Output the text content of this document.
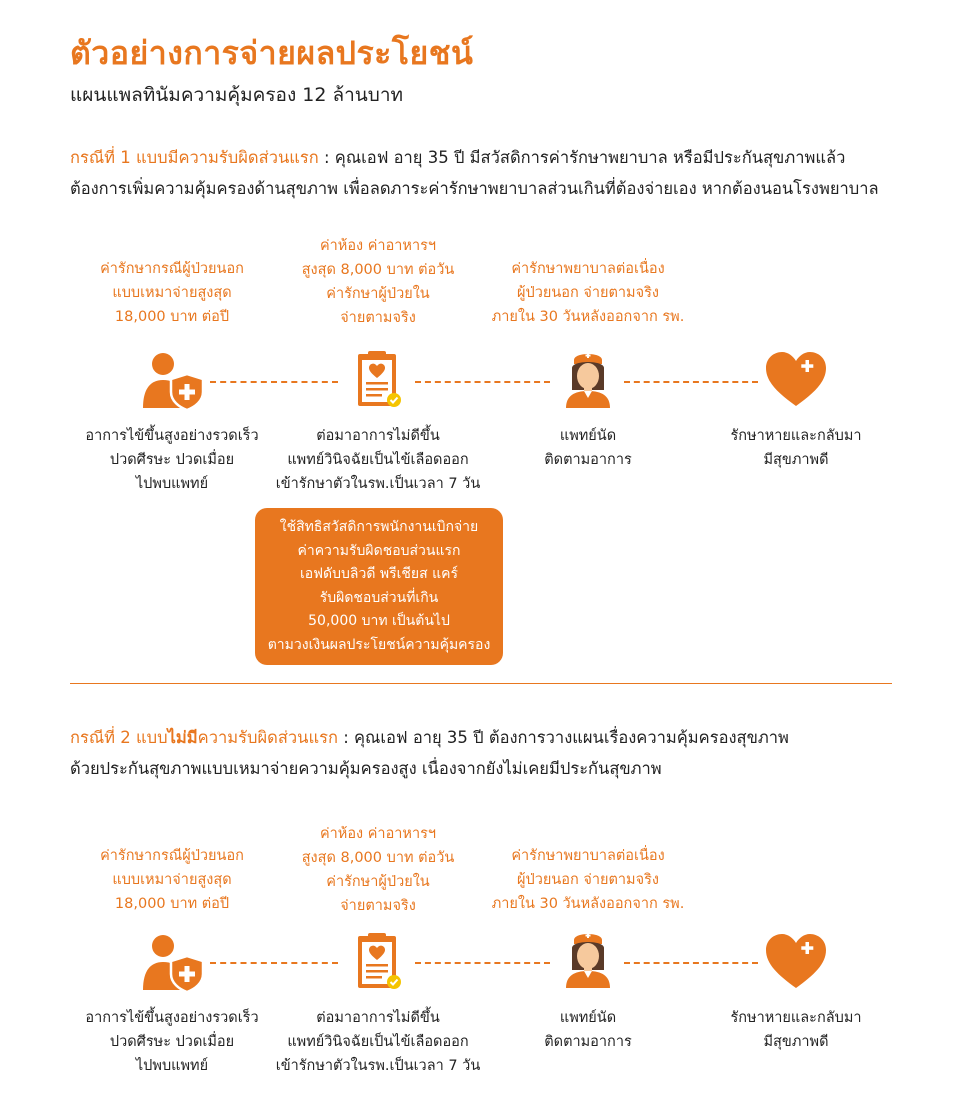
ตัวอย่างการจ่ายผลประโยชน์
แผนแพลทินัมความคุ้มครอง 12 ล้านบาท
กรณีที่ 1 แบบมีความรับผิดส่วนแรก : คุณเอฟ อายุ 35 ปี มีสวัสดิการค่ารักษาพยาบาล หรือมีประกันสุขภาพแล้ว
ต้องการเพิ่มความคุ้มครองด้านสุขภาพ เพื่อลดภาระค่ารักษาพยาบาลส่วนเกินที่ต้องจ่ายเอง หากต้องนอนโรงพยาบาล
ค่ารักษากรณีผู้ป่วยนอก
แบบเหมาจ่ายสูงสุด
18,000 บาท ต่อปี
ค่าห้อง ค่าอาหารฯ
สูงสุด 8,000 บาท ต่อวัน
ค่ารักษาผู้ป่วยใน
จ่ายตามจริง
ค่ารักษาพยาบาลต่อเนื่อง
ผู้ป่วยนอก จ่ายตามจริง
ภายใน 30 วันหลังออกจาก รพ.
อาการไข้ขึ้นสูงอย่างรวดเร็ว
ปวดศีรษะ ปวดเมื่อย
ไปพบแพทย์
ต่อมาอาการไม่ดีขึ้น
แพทย์วินิจฉัยเป็นไข้เลือดออก
เข้ารักษาตัวในรพ.เป็นเวลา 7 วัน
แพทย์นัด
ติดตามอาการ
รักษาหายและกลับมา
มีสุขภาพดี
ใช้สิทธิสวัสดิการพนักงานเบิกจ่าย
ค่าความรับผิดชอบส่วนแรก
เอฟดับบลิวดี พรีเชียส แคร์
รับผิดชอบส่วนที่เกิน
50,000 บาท เป็นต้นไป
ตามวงเงินผลประโยชน์ความคุ้มครอง
กรณีที่ 2 แบบไม่มีความรับผิดส่วนแรก : คุณเอฟ อายุ 35 ปี ต้องการวางแผนเรื่องความคุ้มครองสุขภาพ
ด้วยประกันสุขภาพแบบเหมาจ่ายความคุ้มครองสูง เนื่องจากยังไม่เคยมีประกันสุขภาพ
ค่ารักษากรณีผู้ป่วยนอก
แบบเหมาจ่ายสูงสุด
18,000 บาท ต่อปี
ค่าห้อง ค่าอาหารฯ
สูงสุด 8,000 บาท ต่อวัน
ค่ารักษาผู้ป่วยใน
จ่ายตามจริง
ค่ารักษาพยาบาลต่อเนื่อง
ผู้ป่วยนอก จ่ายตามจริง
ภายใน 30 วันหลังออกจาก รพ.
อาการไข้ขึ้นสูงอย่างรวดเร็ว
ปวดศีรษะ ปวดเมื่อย
ไปพบแพทย์
ต่อมาอาการไม่ดีขึ้น
แพทย์วินิจฉัยเป็นไข้เลือดออก
เข้ารักษาตัวในรพ.เป็นเวลา 7 วัน
แพทย์นัด
ติดตามอาการ
รักษาหายและกลับมา
มีสุขภาพดี
